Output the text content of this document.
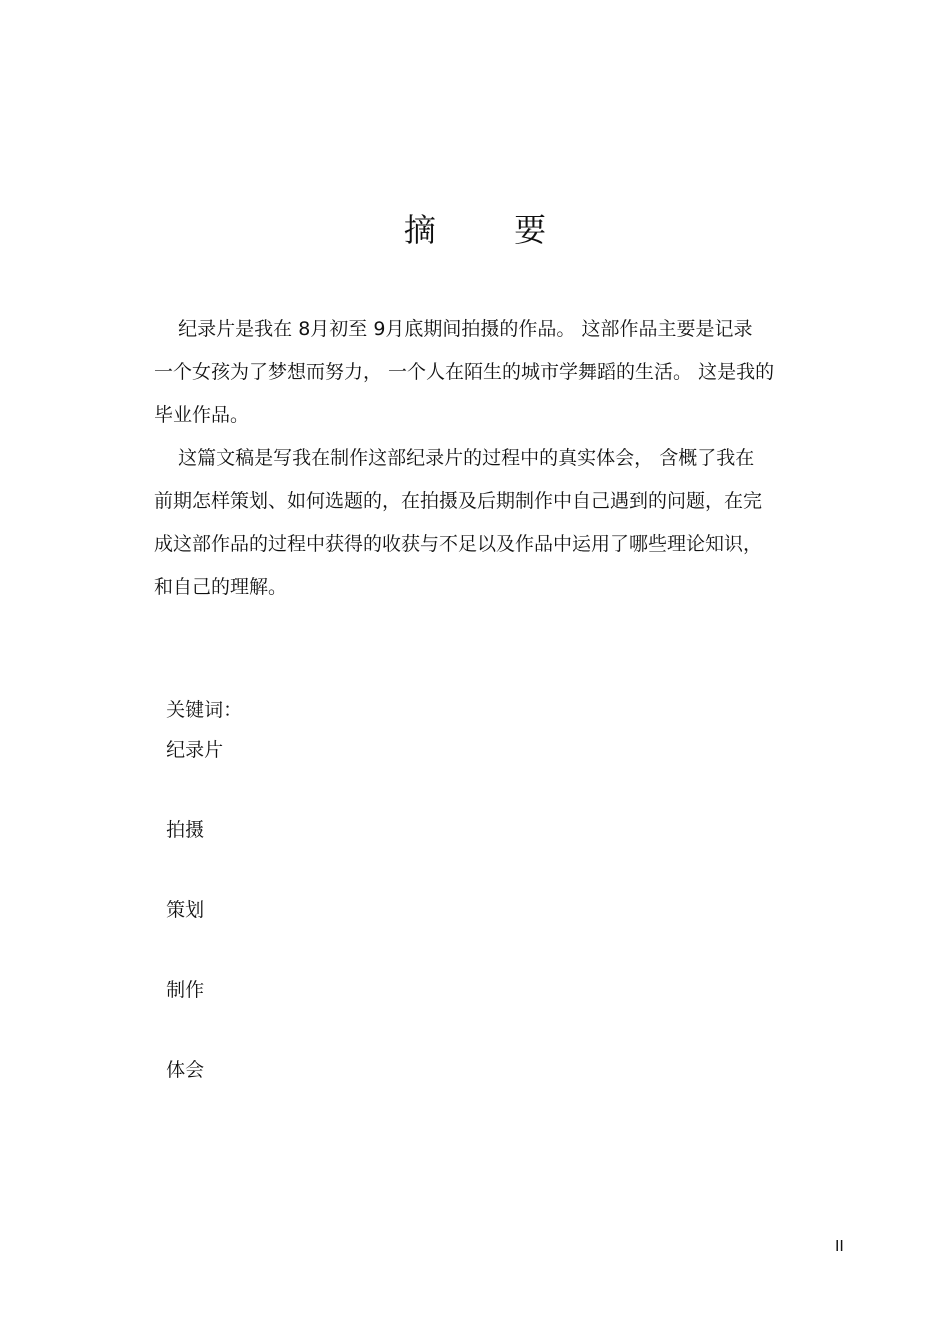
摘 要

纪录片是我在 8月初至 9月底期间拍摄的作品。 这部作品主要是记录
一个女孩为了梦想而努力， 一个人在陌生的城市学舞蹈的生活。 这是我的
毕业作品。

这篇文稿是写我在制作这部纪录片的过程中的真实体会， 含概了我在
前期怎样策划、如何选题的，在拍摄及后期制作中自己遇到的问题，在完
成这部作品的过程中获得的收获与不足以及作品中运用了哪些理论知识，
和自己的理解。

关键词：
纪录片

拍摄

策划

制作

体会

II
